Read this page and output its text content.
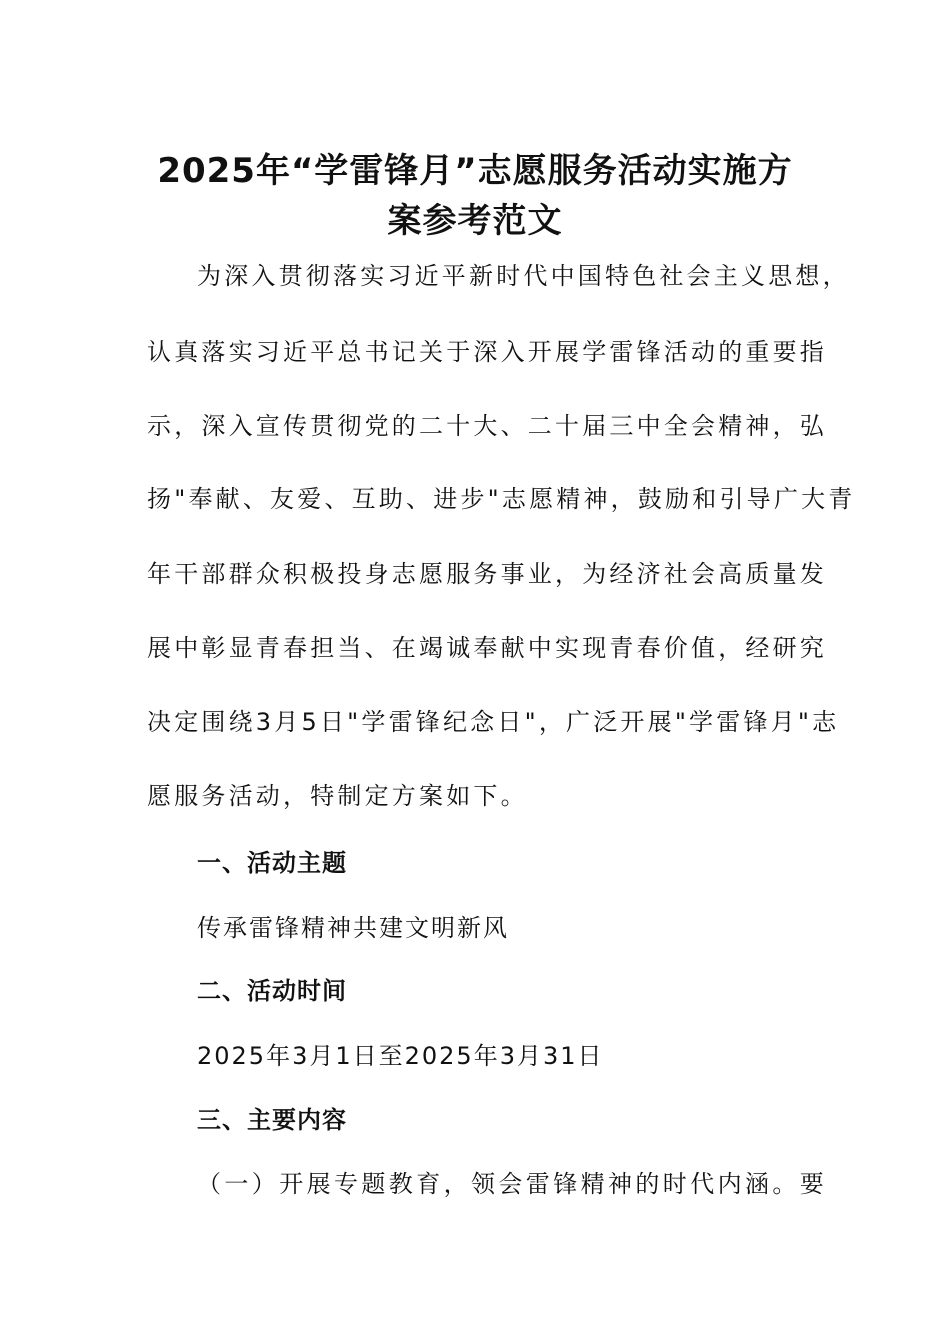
2025年“学雷锋月”志愿服务活动实施方
案参考范文

为深入贯彻落实习近平新时代中国特色社会主义思想，

认真落实习近平总书记关于深入开展学雷锋活动的重要指

示，深入宣传贯彻党的二十大、二十届三中全会精神，弘

扬"奉献、友爱、互助、进步"志愿精神，鼓励和引导广大青

年干部群众积极投身志愿服务事业，为经济社会高质量发

展中彰显青春担当、在竭诚奉献中实现青春价值，经研究

决定围绕3月5日"学雷锋纪念日"，广泛开展"学雷锋月"志

愿服务活动，特制定方案如下。

一、活动主题

传承雷锋精神共建文明新风

二、活动时间

2025年3月1日至2025年3月31日

三、主要内容

（一）开展专题教育，领会雷锋精神的时代内涵。要
